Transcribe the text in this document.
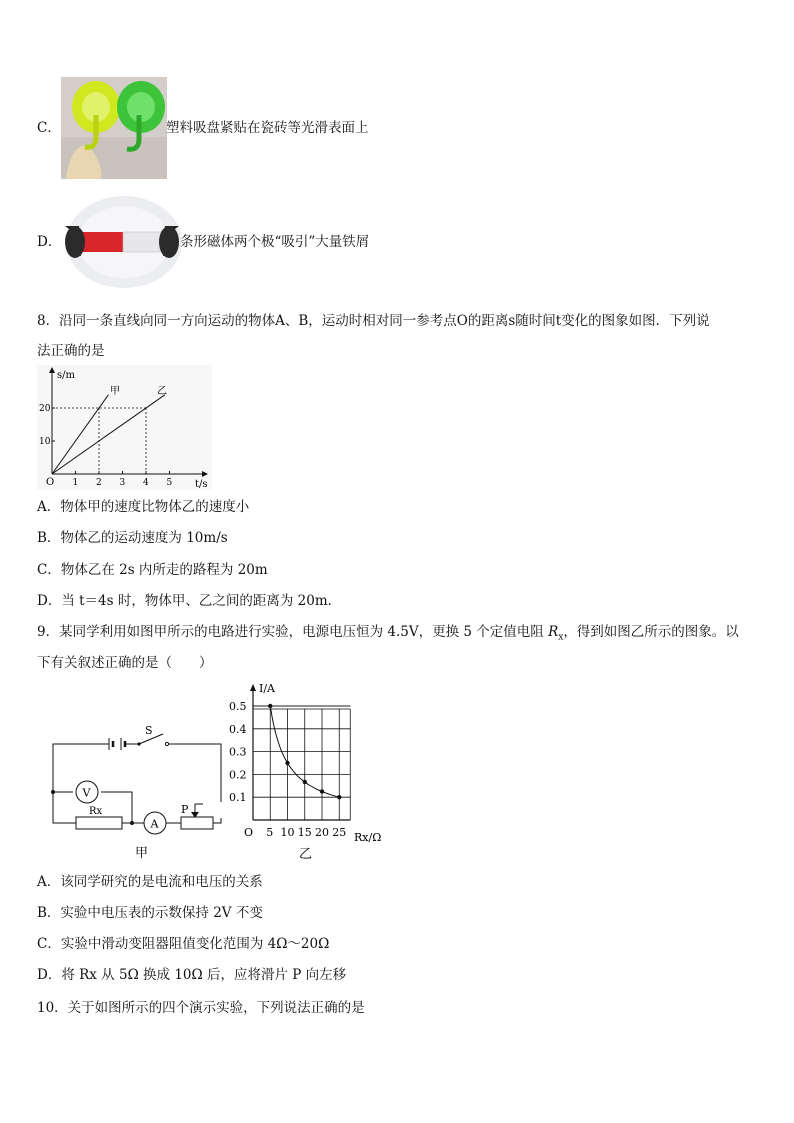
C．	塑料吸盘紧贴在瓷砖等光滑表面上
D．	条形磁体两个极“吸引”大量铁屑
8．沿同一条直线向同一方向运动的物体A、B，运动时相对同一参考点O的距离s随时间t变化的图象如图．下列说
法正确的是
1 2 3 4 5
10
20
s/m
t/s
O
甲	乙
A．物体甲的速度比物体乙的速度小
B．物体乙的运动速度为 10m/s
C．物体乙在 2s 内所走的路程为 20m
D．当 t＝4s 时，物体甲、乙之间的距离为 20m．
9．某同学利用如图甲所示的电路进行实验，电源电压恒为 4.5V，更换 5 个定值电阻 $R_x$，得到如图乙所示的图象。以
下有关叙述正确的是（　　）
S
V
Rx
A
P
甲
5 10 15 20 25
0.5
0.4
0.3
0.2
0.1
I/A
Rx/Ω
O
乙
A．该同学研究的是电流和电压的关系
B．实验中电压表的示数保持 2V 不变
C．实验中滑动变阻器阻值变化范围为 4Ω～20Ω
D．将 Rx 从 5Ω 换成 10Ω 后，应将滑片 P 向左移
10．关于如图所示的四个演示实验，下列说法正确的是
